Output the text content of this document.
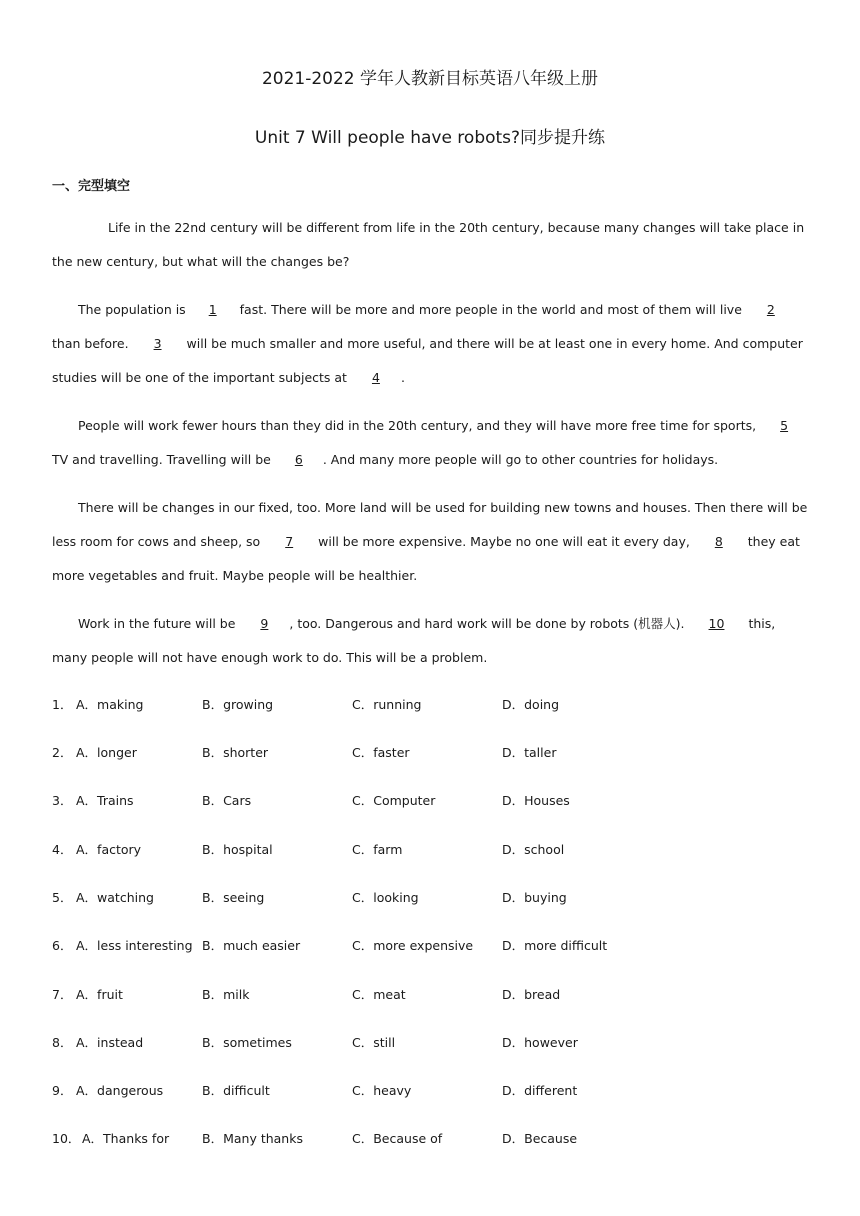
2021-2022 学年人教新目标英语八年级上册
Unit 7 Will people have robots?同步提升练
一、完型填空
Life in the 22nd century will be different from life in the 20th century, because many changes will take place in
the new century, but what will the changes be?
The population is 1 fast. There will be more and more people in the world and most of them will live 2
than before. 3 will be much smaller and more useful, and there will be at least one in every home. And computer
studies will be one of the important subjects at 4 .
People will work fewer hours than they did in the 20th century, and they will have more free time for sports, 5
TV and travelling. Travelling will be 6 . And many more people will go to other countries for holidays.
There will be changes in our fixed, too. More land will be used for building new towns and houses. Then there will be
less room for cows and sheep, so 7 will be more expensive. Maybe no one will eat it every day, 8 they eat
more vegetables and fruit. Maybe people will be healthier.
Work in the future will be 9 , too. Dangerous and hard work will be done by robots (机器人). 10 this,
many people will not have enough work to do. This will be a problem.
1． A．making	B．growing	C．running	D．doing
2． A．longer	B．shorter	C．faster	D．taller
3． A．Trains	B．Cars	C．Computer	D．Houses
4． A．factory	B．hospital	C．farm	D．school
5． A．watching	B．seeing	C．looking	D．buying
6． A．less interesting B．much easier	C．more expensive D．more difficult
7． A．fruit	B．milk	C．meat	D．bread
8． A．instead	B．sometimes	C．still	D．however
9． A．dangerous	B．difficult	C．heavy	D．different
10． A．Thanks for	B．Many thanks	C．Because of	D．Because
